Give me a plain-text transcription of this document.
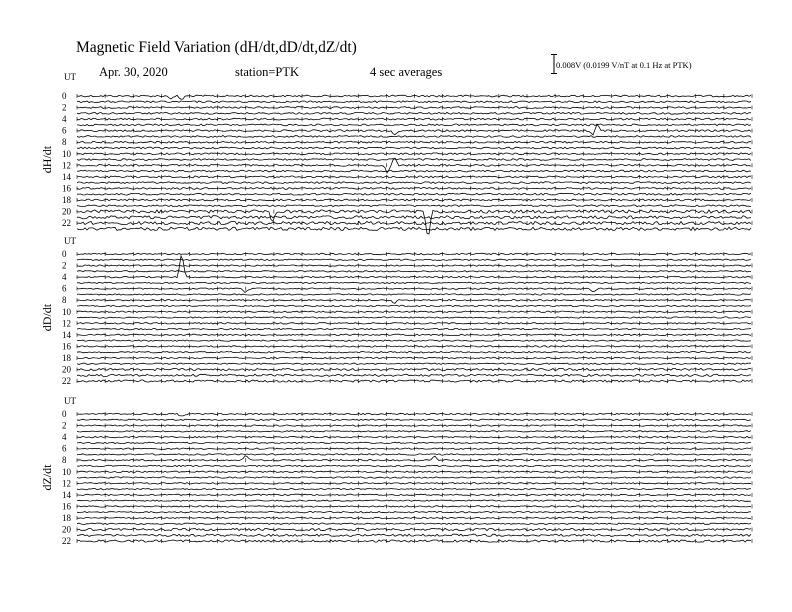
Magnetic Field Variation (dH/dt,dD/dt,dZ/dt)
Apr. 30, 2020	station=PTK	4 sec averages	0.008V (0.0199 V/nT at 0.1 Hz at PTK)
UT
dH/dt
0
2
4
6
8
10
12
14
16
18
20
22
UT
dD/dt
0
2
4
6
8
10
12
14
16
18
20
22
UT
dZ/dt
0
2
4
6
8
10
12
14
16
18
20
22
